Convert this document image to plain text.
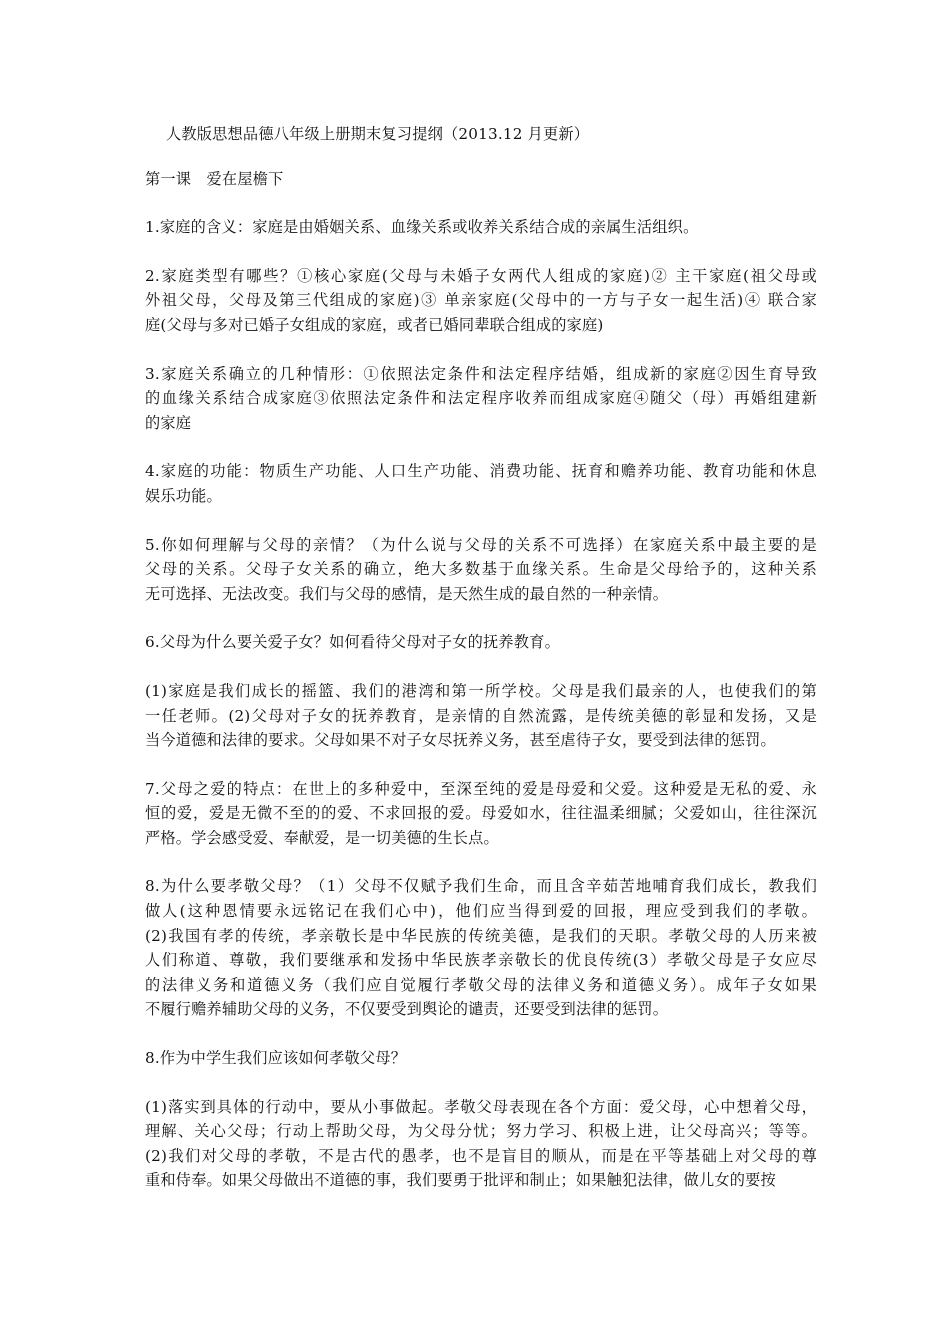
人教版思想品德八年级上册期末复习提纲（2013.12 月更新）
第一课　爱在屋檐下
1.家庭的含义：家庭是由婚姻关系、血缘关系或收养关系结合成的亲属生活组织。
2.家庭类型有哪些？①核心家庭(父母与未婚子女两代人组成的家庭)② 主干家庭(祖父母或
外祖父母，父母及第三代组成的家庭)③ 单亲家庭(父母中的一方与子女一起生活)④ 联合家
庭(父母与多对已婚子女组成的家庭，或者已婚同辈联合组成的家庭)
3.家庭关系确立的几种情形：①依照法定条件和法定程序结婚，组成新的家庭②因生育导致
的血缘关系结合成家庭③依照法定条件和法定程序收养而组成家庭④随父（母）再婚组建新
的家庭
4.家庭的功能：物质生产功能、人口生产功能、消费功能、抚育和赡养功能、教育功能和休息
娱乐功能。
5.你如何理解与父母的亲情？（为什么说与父母的关系不可选择）在家庭关系中最主要的是
父母的关系。父母子女关系的确立，绝大多数基于血缘关系。生命是父母给予的，这种关系
无可选择、无法改变。我们与父母的感情，是天然生成的最自然的一种亲情。
6.父母为什么要关爱子女？如何看待父母对子女的抚养教育。
(1)家庭是我们成长的摇篮、我们的港湾和第一所学校。父母是我们最亲的人，也使我们的第
一任老师。(2)父母对子女的抚养教育，是亲情的自然流露，是传统美德的彰显和发扬，又是
当今道德和法律的要求。父母如果不对子女尽抚养义务，甚至虐待子女，要受到法律的惩罚。
7.父母之爱的特点：在世上的多种爱中，至深至纯的爱是母爱和父爱。这种爱是无私的爱、永
恒的爱，爱是无微不至的的爱、不求回报的爱。母爱如水，往往温柔细腻；父爱如山，往往深沉
严格。学会感受爱、奉献爱，是一切美德的生长点。
8.为什么要孝敬父母？（1）父母不仅赋予我们生命，而且含辛茹苦地哺育我们成长，教我们
做人(这种恩情要永远铭记在我们心中)，他们应当得到爱的回报，理应受到我们的孝敬。
(2)我国有孝的传统，孝亲敬长是中华民族的传统美德，是我们的天职。孝敬父母的人历来被
人们称道、尊敬，我们要继承和发扬中华民族孝亲敬长的优良传统(3）孝敬父母是子女应尽
的法律义务和道德义务（我们应自觉履行孝敬父母的法律义务和道德义务）。成年子女如果
不履行赡养辅助父母的义务，不仅要受到舆论的谴责，还要受到法律的惩罚。
8.作为中学生我们应该如何孝敬父母？
(1)落实到具体的行动中，要从小事做起。孝敬父母表现在各个方面：爱父母，心中想着父母，
理解、关心父母；行动上帮助父母，为父母分忧；努力学习、积极上进，让父母高兴；等等。
(2)我们对父母的孝敬，不是古代的愚孝，也不是盲目的顺从，而是在平等基础上对父母的尊
重和侍奉。如果父母做出不道德的事，我们要勇于批评和制止；如果触犯法律，做儿女的要按
